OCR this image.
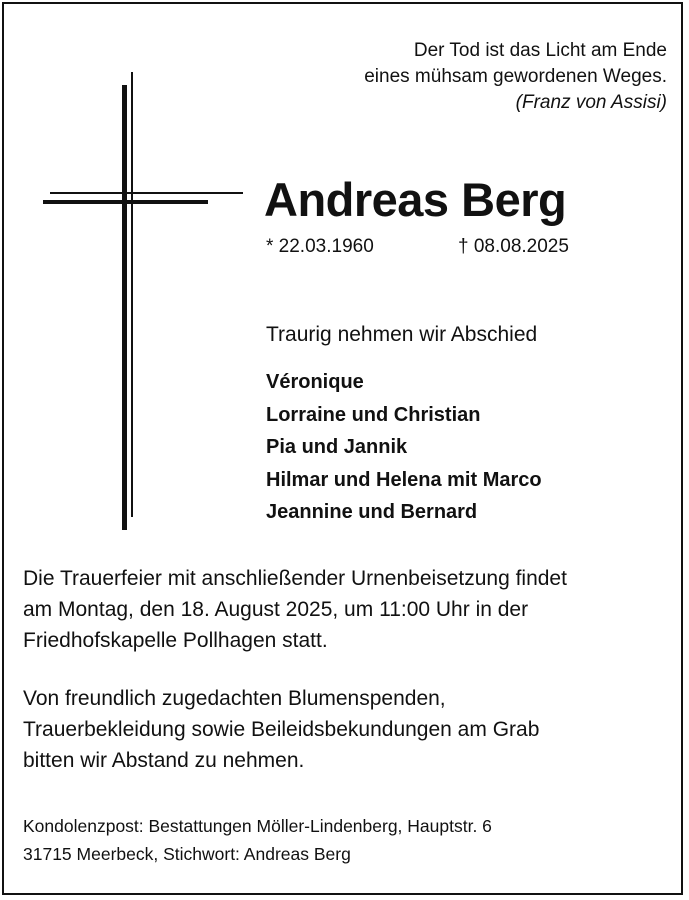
Der Tod ist das Licht am Ende
eines mühsam gewordenen Weges.
(Franz von Assisi)
Andreas Berg
* 22.03.1960	† 08.08.2025
Traurig nehmen wir Abschied
Véronique
Lorraine und Christian
Pia und Jannik
Hilmar und Helena mit Marco
Jeannine und Bernard
Die Trauerfeier mit anschließender Urnenbeisetzung findet
am Montag, den 18. August 2025, um 11:00 Uhr in der
Friedhofskapelle Pollhagen statt.
Von freundlich zugedachten Blumenspenden,
Trauerbekleidung sowie Beileidsbekundungen am Grab
bitten wir Abstand zu nehmen.
Kondolenzpost: Bestattungen Möller-Lindenberg, Hauptstr. 6
31715 Meerbeck, Stichwort: Andreas Berg
